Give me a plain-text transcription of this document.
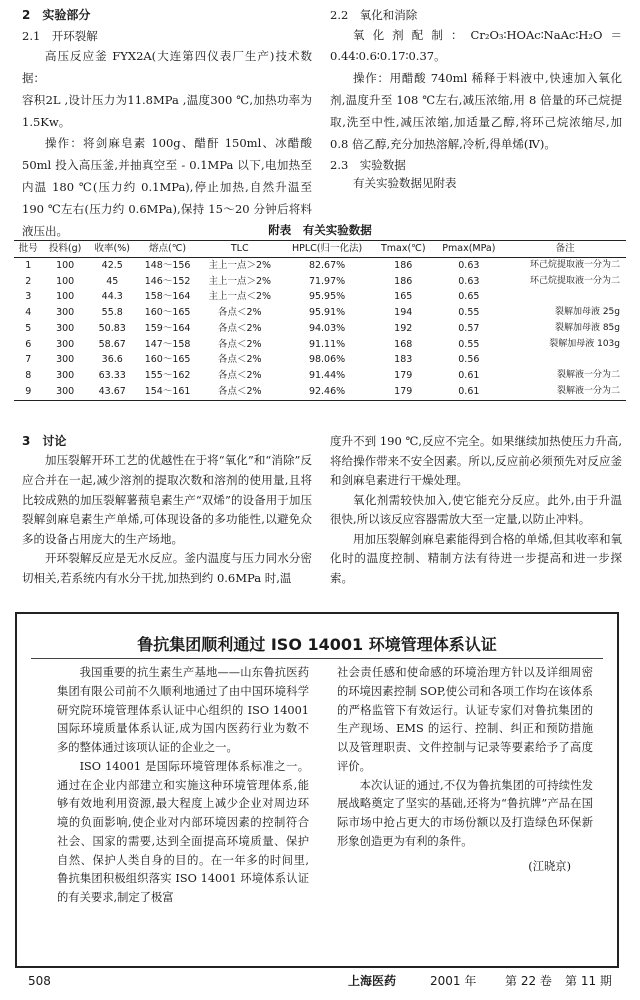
2　实验部分
2.1　开环裂解

高压反应釜 FYX2A(大连第四仪表厂生产)技术数据：

容积2L ,设计压力为11.8MPa ,温度300 ℃,加热功率为1.5Kw。

操作：将剑麻皂素 100g、醋酐 150ml、冰醋酸 50ml 投入高压釜,并抽真空至 - 0.1MPa 以下,电加热至内温 180 ℃(压力约 0.1MPa),停止加热,自然升温至 190 ℃左右(压力约 0.6MPa),保持 15～20 分钟后将料液压出。

2.2　氧化和消除

氧化剂配制：Cr₂O₃∶HOAc∶NaAc∶H₂O＝0.44∶0.6∶0.17∶0.37。

操作：用醋酸 740ml 稀释于料液中,快速加入氧化剂,温度升至 108 ℃左右,减压浓缩,用 8 倍量的环己烷提取,洗至中性,减压浓缩,加适量乙醇,将环己烷浓缩尽,加 0.8 倍乙醇,充分加热溶解,冷析,得单烯(Ⅳ)。

2.3　实验数据

有关实验数据见附表

附表　有关实验数据
批号	投料(g)	收率(%)	熔点(℃)	TLC	HPLC(归一化法)	Tmax(℃)	Pmax(MPa)	备注
1	100	42.5	148～156	主上一点＞2%	82.67%	186	0.63	环己烷提取液一分为二
2	100	45	146～152	主上一点＞2%	71.97%	186	0.63	环己烷提取液一分为二
3	100	44.3	158～164	主上一点＜2%	95.95%	165	0.65	
4	300	55.8	160～165	各点＜2%	95.91%	194	0.55	裂解加母液 25g
5	300	50.83	159～164	各点＜2%	94.03%	192	0.57	裂解加母液 85g
6	300	58.67	147～158	各点＜2%	91.11%	168	0.55	裂解加母液 103g
7	300	36.6	160～165	各点＜2%	98.06%	183	0.56	
8	300	63.33	155～162	各点＜2%	91.44%	179	0.61	裂解液一分为二
9	300	43.67	154～161	各点＜2%	92.46%	179	0.61	裂解液一分为二
3　讨论

加压裂解开环工艺的优越性在于将“氧化”和“消除”反应合并在一起,减少溶剂的提取次数和溶剂的使用量,且将比较成熟的加压裂解薯蓣皂素生产“双烯”的设备用于加压裂解剑麻皂素生产单烯,可体现设备的多功能性,以避免众多的设备占用庞大的生产场地。

开环裂解反应是无水反应。釜内温度与压力同水分密切相关,若系统内有水分干扰,加热到约 0.6MPa 时,温

度升不到 190 ℃,反应不完全。如果继续加热使压力升高,将给操作带来不安全因素。所以,反应前必须预先对反应釜和剑麻皂素进行干燥处理。

氧化剂需较快加入,使它能充分反应。此外,由于升温很快,所以该反应容器需放大至一定量,以防止冲料。

用加压裂解剑麻皂素能得到合格的单烯,但其收率和氧化时的温度控制、精制方法有待进一步提高和进一步探索。

鲁抗集团顺利通过 ISO 14001 环境管理体系认证

我国重要的抗生素生产基地——山东鲁抗医药集团有限公司前不久顺利地通过了由中国环境科学研究院环境管理体系认证中心组织的 ISO 14001 国际环境质量体系认证,成为国内医药行业为数不多的整体通过该项认证的企业之一。

ISO 14001 是国际环境管理体系标准之一。通过在企业内部建立和实施这种环境管理体系,能够有效地利用资源,最大程度上减少企业对周边环境的负面影响,使企业对内部环境因素的控制符合社会、国家的需要,达到全面提高环境质量、保护自然、保护人类自身的目的。在一年多的时间里,鲁抗集团积极组织落实 ISO 14001 环境体系认证的有关要求,制定了极富

社会责任感和使命感的环境治理方针以及详细周密的环境因素控制 SOP,使公司和各项工作均在该体系的严格监管下有效运行。认证专家们对鲁抗集团的生产现场、EMS 的运行、控制、纠正和预防措施以及管理职责、文件控制与记录等要素给予了高度评价。

本次认证的通过,不仅为鲁抗集团的可持续性发展战略奠定了坚实的基础,还将为“鲁抗牌”产品在国际市场中抢占更大的市场份额以及打造绿色环保新形象创造更为有利的条件。

(江晓京)

508	上海医药	2001 年 第 22 卷 第 11 期
